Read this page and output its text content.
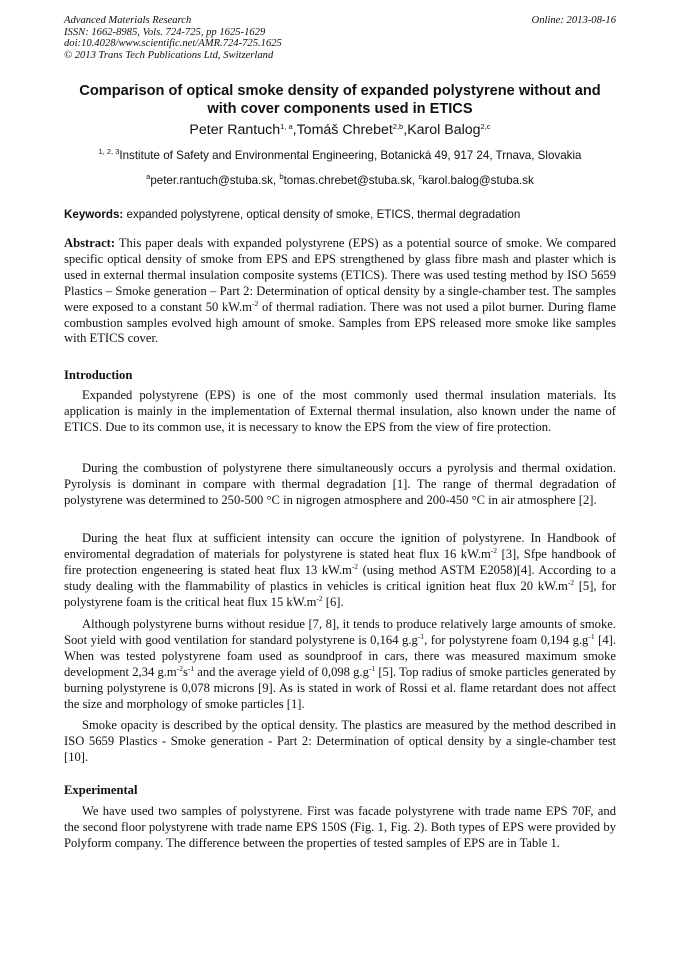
Advanced Materials Research	Online: 2013-08-16
ISSN: 1662-8985, Vols. 724-725, pp 1625-1629
doi:10.4028/www.scientific.net/AMR.724-725.1625
© 2013 Trans Tech Publications Ltd, Switzerland
Comparison of optical smoke density of expanded polystyrene without and with cover components used in ETICS
Peter Rantuch$^{1, a}$,Tomáš Chrebet$^{2,b}$,Karol Balog$^{2,c}$
$^{1, 2, 3}$Institute of Safety and Environmental Engineering, Botanická 49, 917 24, Trnava, Slovakia
$^a$peter.rantuch@stuba.sk, $^b$tomas.chrebet@stuba.sk, $^c$karol.balog@stuba.sk
Keywords: expanded polystyrene, optical density of smoke, ETICS, thermal degradation

Abstract: This paper deals with expanded polystyrene (EPS) as a potential source of smoke. We compared specific optical density of smoke from EPS and EPS strengthened by glass fibre mash and plaster which is used in external thermal insulation composite systems (ETICS). There was used testing method by ISO 5659 Plastics – Smoke generation – Part 2: Determination of optical density by a single-chamber test. The samples were exposed to a constant 50 $kW.m^{-2}$ of thermal radiation. There was not used a pilot burner. During flame combustion samples evolved high amount of smoke. Samples from EPS released more smoke like samples with ETICS cover.

Introduction

Expanded polystyrene (EPS) is one of the most commonly used thermal insulation materials. Its application is mainly in the implementation of External thermal insulation, also known under the name of ETICS. Due to its common use, it is necessary to know the EPS from the view of fire protection.

During the combustion of polystyrene there simultaneously occurs a pyrolysis and thermal oxidation. Pyrolysis is dominant in compare with thermal degradation [1]. The range of thermal degradation of polystyrene was determined to 250-500 °C in nigrogen atmosphere and 200-450 °C in air atmosphere [2].

During the heat flux at sufficient intensity can occure the ignition of polystyrene. In Handbook of enviromental degradation of materials for polystyrene is stated heat flux 16 $kW.m^{-2}$ [3], Sfpe handbook of fire protection engeneering is stated heat flux 13 $kW.m^{-2}$ (using method ASTM E2058)[4]. According to a study dealing with the flammability of plastics in vehicles is critical ignition heat flux 20 $kW.m^{-2}$ [5], for polystyrene foam is the critical heat flux 15 $kW.m^{-2}$ [6].

Although polystyrene burns without residue [7, 8], it tends to produce relatively large amounts of smoke. Soot yield with good ventilation for standard polystyrene is 0,164 $g.g^{-1}$, for polystyrene foam 0,194 $g.g^{-1}$ [4]. When was tested polystyrene foam used as soundproof in cars, there was measured maximum smoke development 2,34 $g.m^{-2}s^{-1}$ and the average yield of 0,098 $g.g^{-1}$ [5]. Top radius of smoke particles generated by burning polystyrene is 0,078 microns [9]. As is stated in work of Rossi et al. flame retardant does not affect the size and morphology of smoke particles [1].

Smoke opacity is described by the optical density. The plastics are measured by the method described in ISO 5659 Plastics - Smoke generation - Part 2: Determination of optical density by a single-chamber test [10].

Experimental

We have used two samples of polystyrene. First was facade polystyrene with trade name EPS 70F, and the second floor polystyrene with trade name EPS 150S (Fig. 1, Fig. 2). Both types of EPS were provided by Polyform company. The difference between the properties of tested samples of EPS are in Table 1.
